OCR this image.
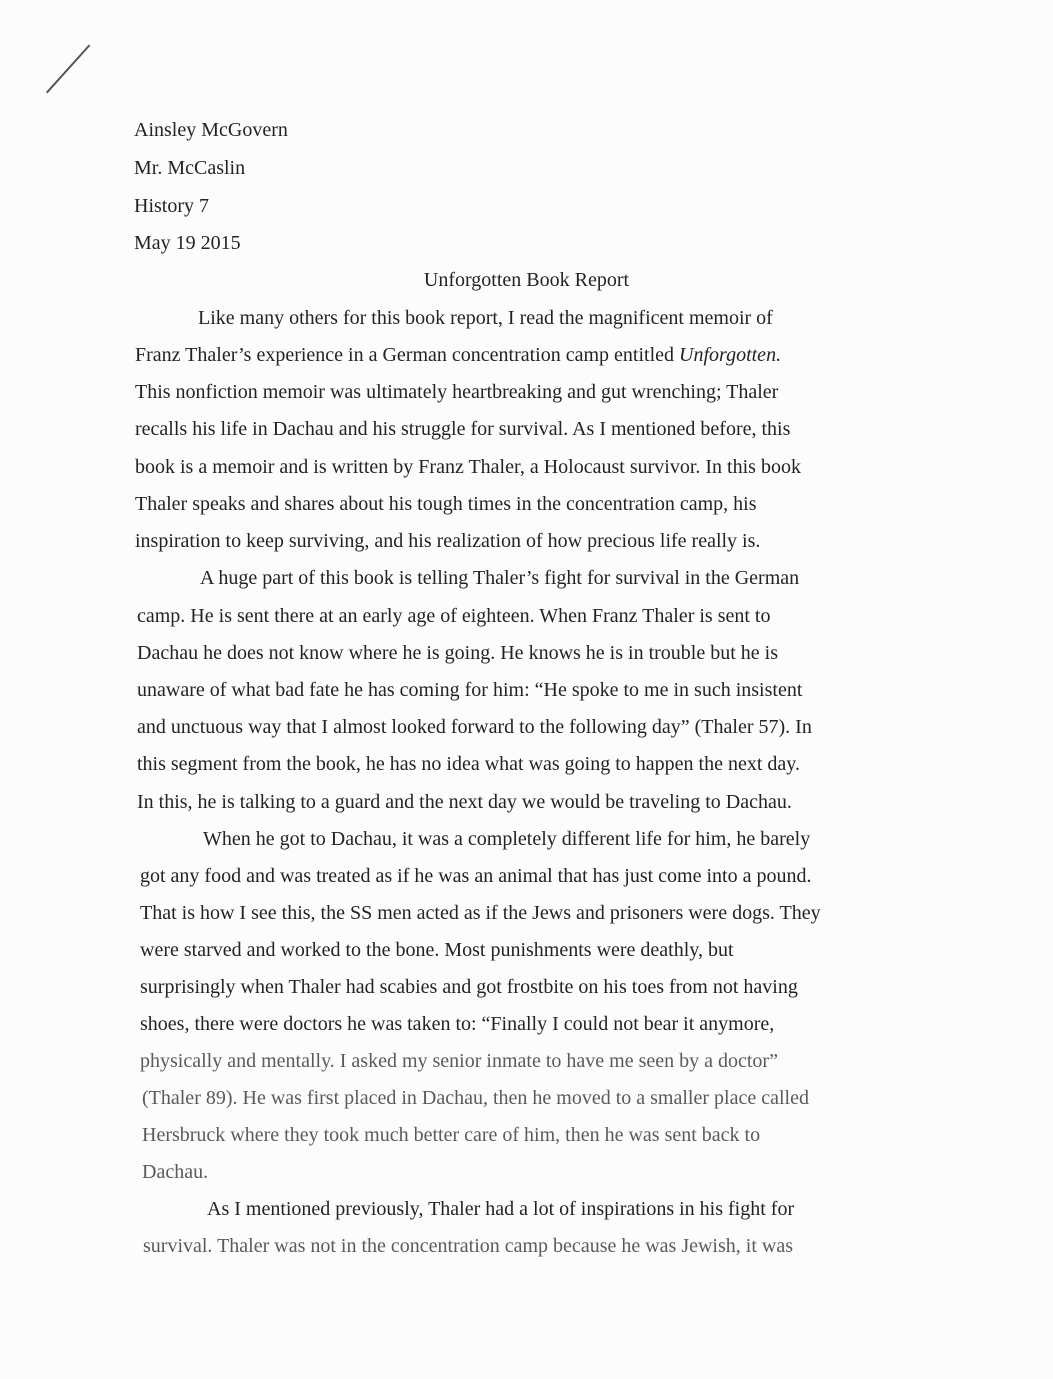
Ainsley McGovern
Mr. McCaslin
History 7
May 19 2015
Unforgotten Book Report
Like many others for this book report, I read the magnificent memoir of
Franz Thaler’s experience in a German concentration camp entitled Unforgotten.
This nonfiction memoir was ultimately heartbreaking and gut wrenching; Thaler
recalls his life in Dachau and his struggle for survival. As I mentioned before, this
book is a memoir and is written by Franz Thaler, a Holocaust survivor. In this book
Thaler speaks and shares about his tough times in the concentration camp, his
inspiration to keep surviving, and his realization of how precious life really is.
A huge part of this book is telling Thaler’s fight for survival in the German
camp. He is sent there at an early age of eighteen. When Franz Thaler is sent to
Dachau he does not know where he is going. He knows he is in trouble but he is
unaware of what bad fate he has coming for him: “He spoke to me in such insistent
and unctuous way that I almost looked forward to the following day” (Thaler 57). In
this segment from the book, he has no idea what was going to happen the next day.
In this, he is talking to a guard and the next day we would be traveling to Dachau.
When he got to Dachau, it was a completely different life for him, he barely
got any food and was treated as if he was an animal that has just come into a pound.
That is how I see this, the SS men acted as if the Jews and prisoners were dogs. They
were starved and worked to the bone. Most punishments were deathly, but
surprisingly when Thaler had scabies and got frostbite on his toes from not having
shoes, there were doctors he was taken to: “Finally I could not bear it anymore,
physically and mentally. I asked my senior inmate to have me seen by a doctor”
(Thaler 89). He was first placed in Dachau, then he moved to a smaller place called
Hersbruck where they took much better care of him, then he was sent back to
Dachau.
As I mentioned previously, Thaler had a lot of inspirations in his fight for
survival. Thaler was not in the concentration camp because he was Jewish, it was
